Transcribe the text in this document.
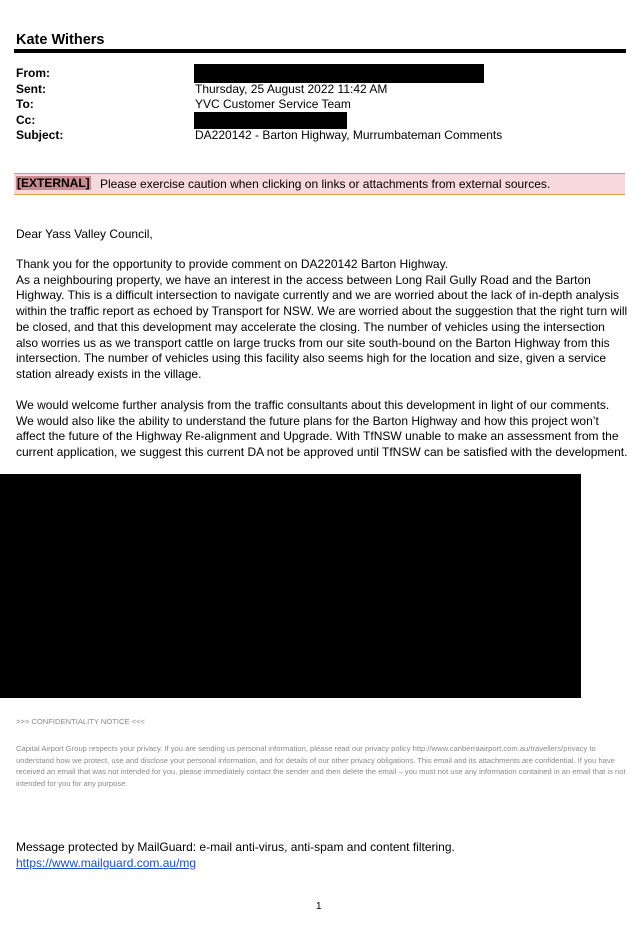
Kate Withers
From:
Sent:	Thursday, 25 August 2022 11:42 AM
To:	YVC Customer Service Team
Cc:
Subject:	DA220142 - Barton Highway, Murrumbateman Comments
[EXTERNAL] Please exercise caution when clicking on links or attachments from external sources.
Dear Yass Valley Council,

Thank you for the opportunity to provide comment on DA220142 Barton Highway.

As a neighbouring property, we have an interest in the access between Long Rail Gully Road and the Barton Highway. This is a difficult intersection to navigate currently and we are worried about the lack of in-depth analysis within the traffic report as echoed by Transport for NSW. We are worried about the suggestion that the right turn will be closed, and that this development may accelerate the closing. The number of vehicles using the intersection also worries us as we transport cattle on large trucks from our site south-bound on the Barton Highway from this intersection. The number of vehicles using this facility also seems high for the location and size, given a service station already exists in the village.

We would welcome further analysis from the traffic consultants about this development in light of our comments. We would also like the ability to understand the future plans for the Barton Highway and how this project won’t affect the future of the Highway Re-alignment and Upgrade. With TfNSW unable to make an assessment from the current application, we suggest this current DA not be approved until TfNSW can be satisfied with the development.
>>> CONFIDENTIALITY NOTICE <<<
Capital Airport Group respects your privacy. If you are sending us personal information, please read our privacy policy http://www.canberraairport.com.au/travellers/privacy to understand how we protect, use and disclose your personal information, and for details of our other privacy obligations. This email and its attachments are confidential. If you have received an email that was not intended for you, please immediately contact the sender and then delete the email – you must not use any information contained in an email that is not intended for you for any purpose.
Message protected by MailGuard: e-mail anti-virus, anti-spam and content filtering.
https://www.mailguard.com.au/mg
1
